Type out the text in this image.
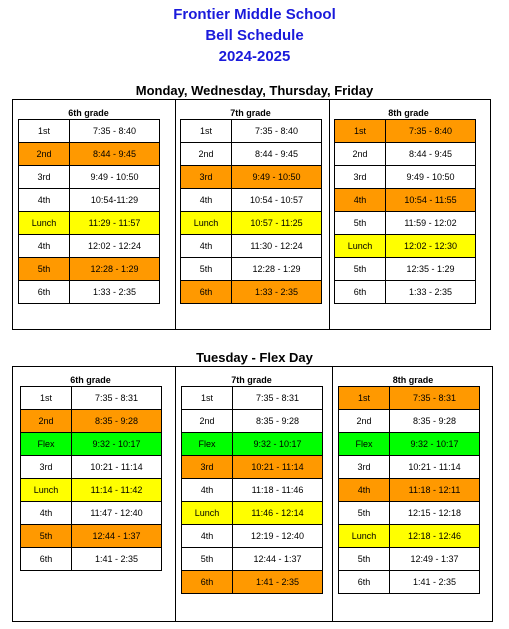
Frontier Middle School
Bell Schedule
2024-2025
Monday, Wednesday, Thursday, Friday
6th grade	7th grade	8th grade
1st	7:35 - 8:40
2nd	8:44 - 9:45
3rd	9:49 - 10:50
4th	10:54-11:29
Lunch	11:29 - 11:57
4th	12:02 - 12:24
5th	12:28 - 1:29
6th	1:33 - 2:35
1st	7:35 - 8:40
2nd	8:44 - 9:45
3rd	9:49 - 10:50
4th	10:54 - 10:57
Lunch	10:57 - 11:25
4th	11:30 - 12:24
5th	12:28 - 1:29
6th	1:33 - 2:35
1st	7:35 - 8:40
2nd	8:44 - 9:45
3rd	9:49 - 10:50
4th	10:54 - 11:55
5th	11:59 - 12:02
Lunch	12:02 - 12:30
5th	12:35 - 1:29
6th	1:33 - 2:35
Tuesday - Flex Day
6th grade	7th grade	8th grade
1st	7:35 - 8:31
2nd	8:35 - 9:28
Flex	9:32 - 10:17
3rd	10:21 - 11:14
Lunch	11:14 - 11:42
4th	11:47 - 12:40
5th	12:44 - 1:37
6th	1:41 - 2:35
1st	7:35 - 8:31
2nd	8:35 - 9:28
Flex	9:32 - 10:17
3rd	10:21 - 11:14
4th	11:18 - 11:46
Lunch	11:46 - 12:14
4th	12:19 - 12:40
5th	12:44 - 1:37
6th	1:41 - 2:35
1st	7:35 - 8:31
2nd	8:35 - 9:28
Flex	9:32 - 10:17
3rd	10:21 - 11:14
4th	11:18 - 12:11
5th	12:15 - 12:18
Lunch	12:18 - 12:46
5th	12:49 - 1:37
6th	1:41 - 2:35
